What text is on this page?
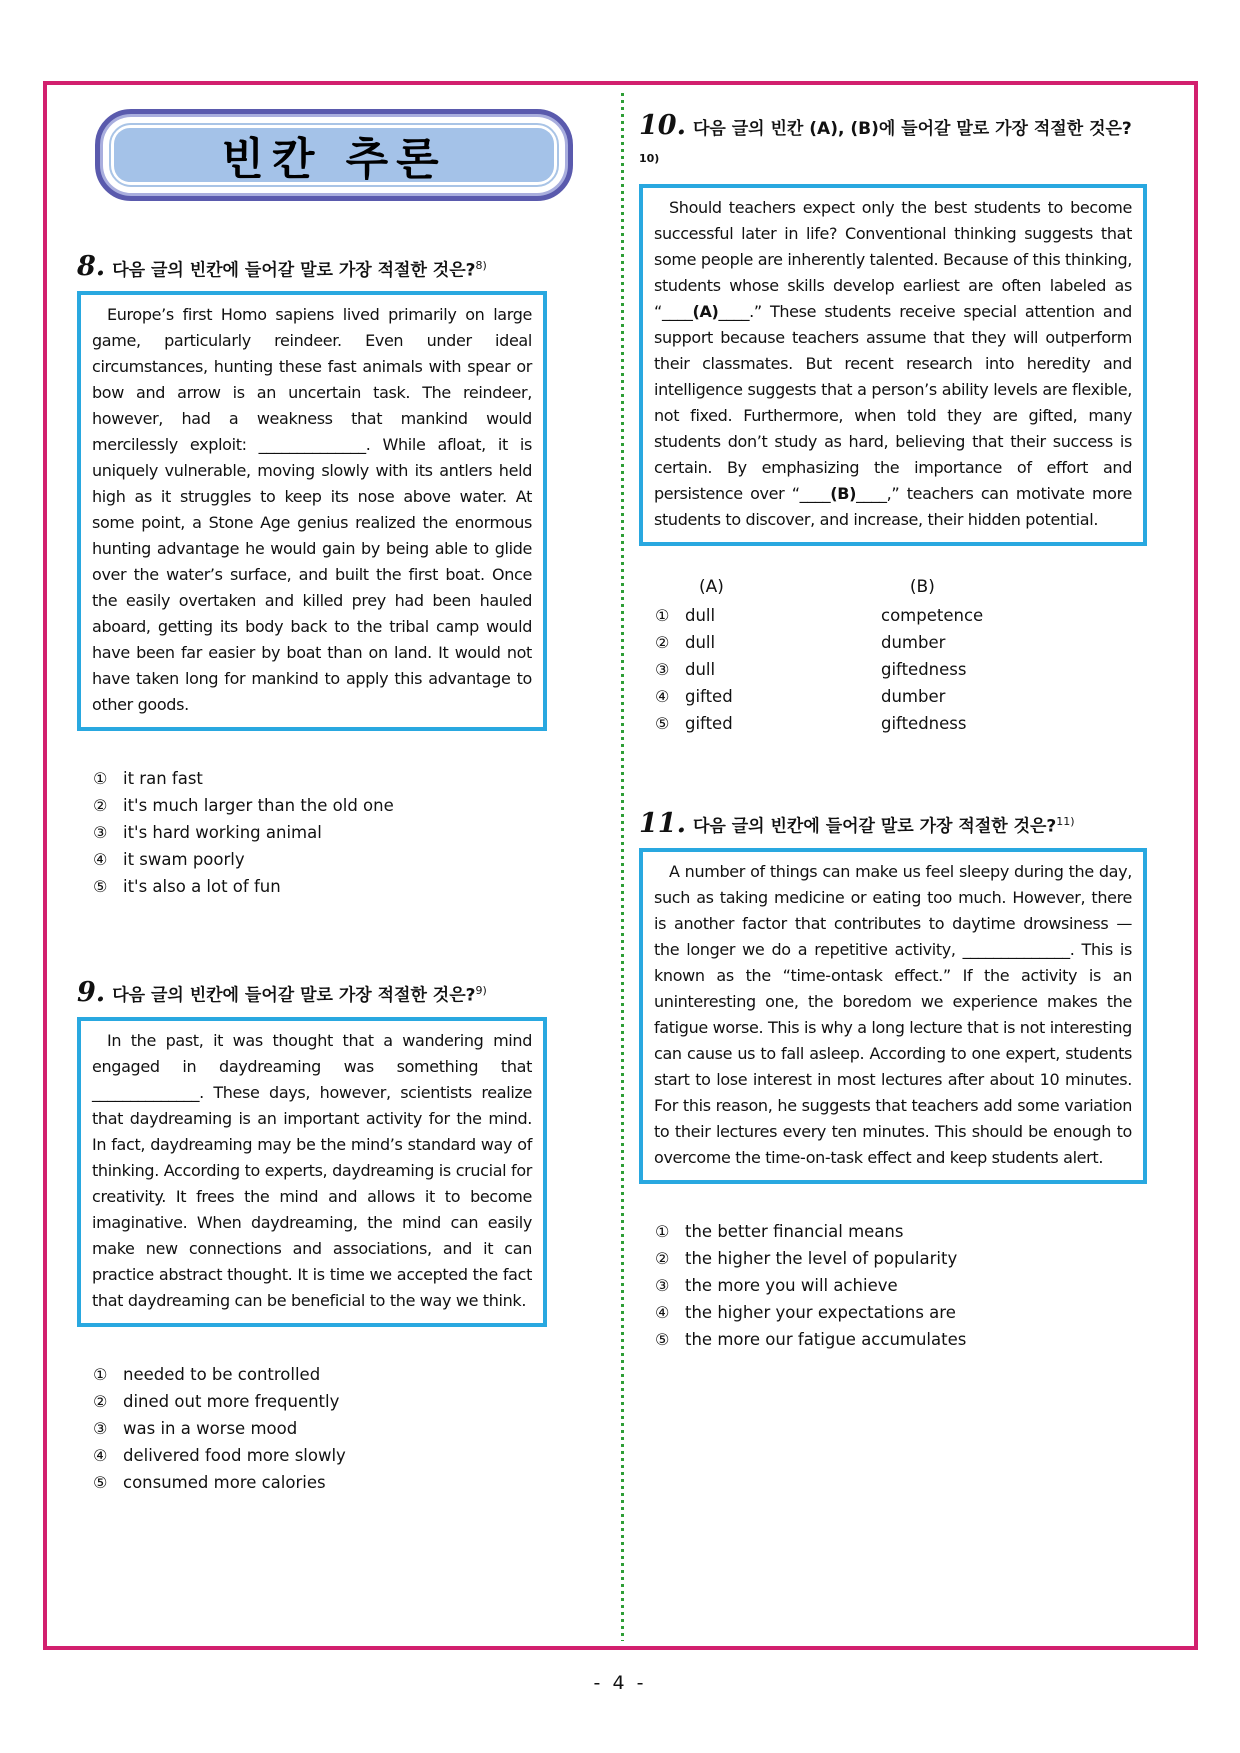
빈칸 추론
8. 다음 글의 빈칸에 들어갈 말로 가장 적절한 것은?$^{8)}$
Europe’s first Homo sapiens lived primarily on large game, particularly reindeer. Even under ideal circumstances, hunting these fast animals with spear or bow and arrow is an uncertain task. The reindeer, however, had a weakness that mankind would mercilessly exploit: ______________. While afloat, it is uniquely vulnerable, moving slowly with its antlers held high as it struggles to keep its nose above water. At some point, a Stone Age genius realized the enormous hunting advantage he would gain by being able to glide over the water’s surface, and built the first boat. Once the easily overtaken and killed prey had been hauled aboard, getting its body back to the tribal camp would have been far easier by boat than on land. It would not have taken long for mankind to apply this advantage to other goods.
① it ran fast
② it's much larger than the old one
③ it's hard working animal
④ it swam poorly
⑤ it's also a lot of fun
9. 다음 글의 빈칸에 들어갈 말로 가장 적절한 것은?$^{9)}$
In the past, it was thought that a wandering mind engaged in daydreaming was something that ______________. These days, however, scientists realize that daydreaming is an important activity for the mind. In fact, daydreaming may be the mind’s standard way of thinking. According to experts, daydreaming is crucial for creativity. It frees the mind and allows it to become imaginative. When daydreaming, the mind can easily make new connections and associations, and it can practice abstract thought. It is time we accepted the fact that daydreaming can be beneficial to the way we think.
① needed to be controlled
② dined out more frequently
③ was in a worse mood
④ delivered food more slowly
⑤ consumed more calories
10. 다음 글의 빈칸 (A), (B)에 들어갈 말로 가장 적절한 것은?$^{10)}$
Should teachers expect only the best students to become successful later in life? Conventional thinking suggests that some people are inherently talented. Because of this thinking, students whose skills develop earliest are often labeled as “____(A)____.” These students receive special attention and support because teachers assume that they will outperform their classmates. But recent research into heredity and intelligence suggests that a person’s ability levels are flexible, not fixed. Furthermore, when told they are gifted, many students don’t study as hard, believing that their success is certain. By emphasizing the importance of effort and persistence over “____(B)____,” teachers can motivate more students to discover, and increase, their hidden potential.
(A)	(B)
① dull	competence
② dull	dumber
③ dull	giftedness
④ gifted	dumber
⑤ gifted	giftedness
11. 다음 글의 빈칸에 들어갈 말로 가장 적절한 것은?$^{11)}$
A number of things can make us feel sleepy during the day, such as taking medicine or eating too much. However, there is another factor that contributes to daytime drowsiness — the longer we do a repetitive activity, ______________. This is known as the “time-ontask effect.” If the activity is an uninteresting one, the boredom we experience makes the fatigue worse. This is why a long lecture that is not interesting can cause us to fall asleep. According to one expert, students start to lose interest in most lectures after about 10 minutes. For this reason, he suggests that teachers add some variation to their lectures every ten minutes. This should be enough to overcome the time-on-task effect and keep students alert.
① the better financial means
② the higher the level of popularity
③ the more you will achieve
④ the higher your expectations are
⑤ the more our fatigue accumulates
- 4 -
